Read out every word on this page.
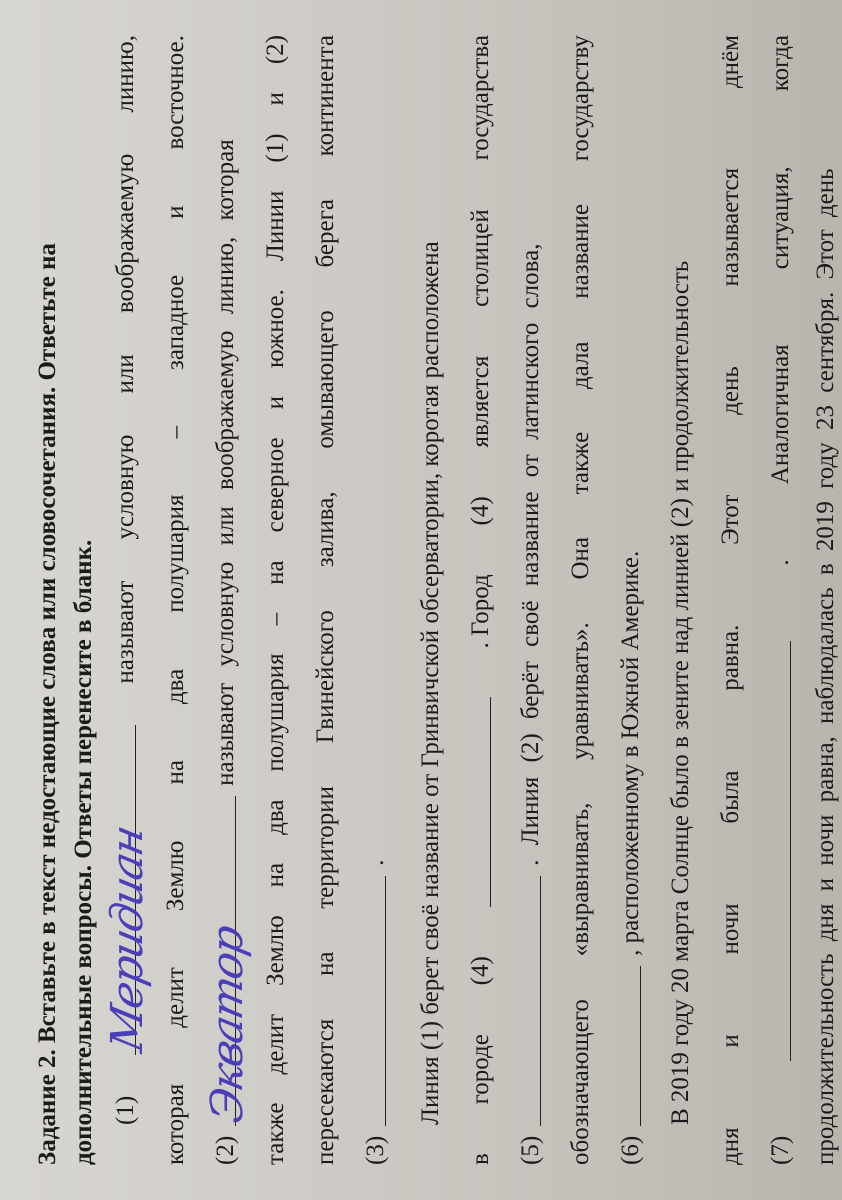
Задание 2. Вставьте в текст недостающие слова или словосочетания. Ответьте на дополнительные вопросы. Ответы перенесите в бланк. (1)
Меридиан
называют
условную
или
воображаемую
линию,
которая
делит
Землю
на
два
полушария
–
западное
и
восточное.
(2)
Экватор
называют условную или воображаемую линию, которая
также
делит
Землю
на
два
полушария
–
на
северное
и
южное.
Линии
(1)
и
(2)
пересекаются
на
территории
Гвинейского
залива,
омывающего
берега
континента
(3)
. Линия (1) берет своё название от Гринвичской обсерватории, коротая расположена
в
городе
(4)
. Город
(4)
является
столицей
государства
(5)
. Линия (2) берёт своё название от латинского слова,
обозначающего
«выравнивать,
уравнивать».
Она
также
дала
название
государству
(6)
, расположенному в Южной Америке. В 2019 году 20 марта Солнце было в зените над линией (2) и продолжительность
дня
и
ночи
была
равна.
Этот
день
называется
днём
(7)
.
Аналогичная
ситуация,
когда
продолжительность дня и ночи равна, наблюдалась в 2019 году 23 сентября. Этот день
